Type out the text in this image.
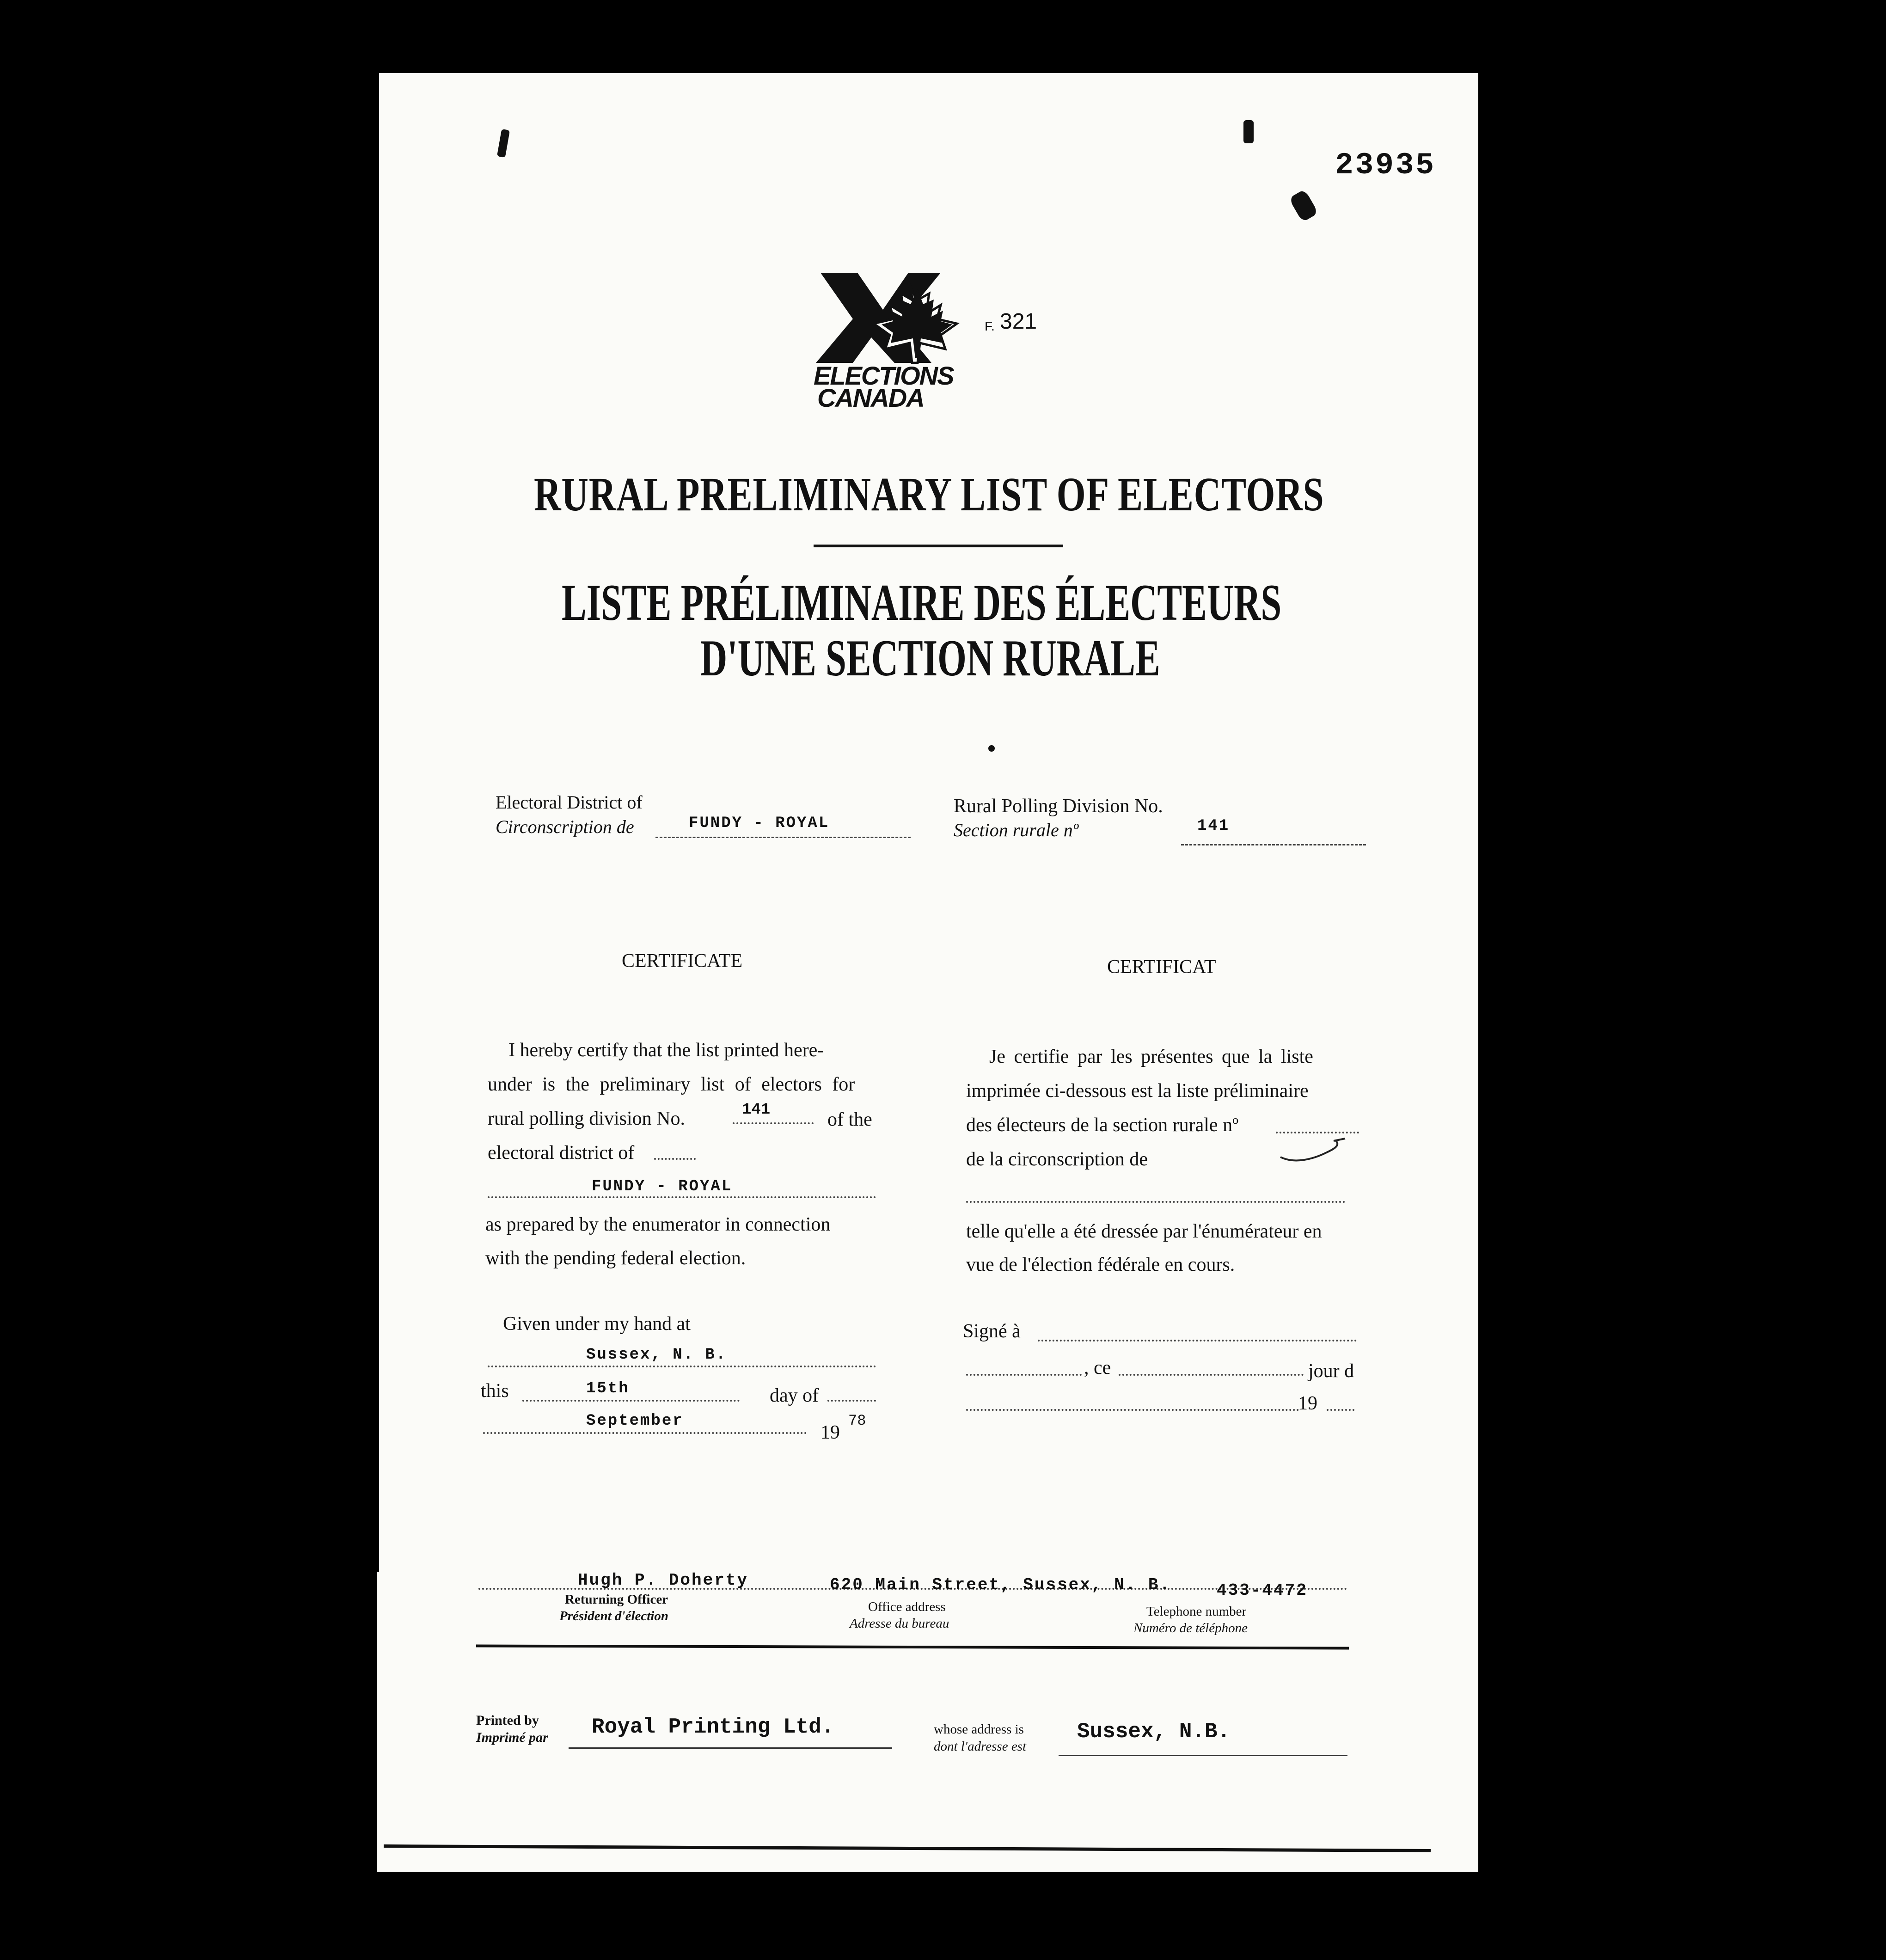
23935
ELECTIONS
CANADA
F. 321
RURAL PRELIMINARY LIST OF ELECTORS
LISTE PRÉLIMINAIRE DES ÉLECTEURS
D'UNE SECTION RURALE
Electoral District of
Circonscription de	FUNDY - ROYAL
Rural Polling Division No.
Section rurale nº	141
CERTIFICATE
I hereby certify that the list printed here-
under is the preliminary list of electors for
rural polling division No.	141	of the
electoral district of
FUNDY - ROYAL
as prepared by the enumerator in connection
with the pending federal election.
Given under my hand at
Sussex, N. B.
this	15th	day of
September
19
78
CERTIFICAT
Je certifie par les présentes que la liste
imprimée ci-dessous est la liste préliminaire
des électeurs de la section rurale nº
de la circonscription de
telle qu'elle a été dressée par l'énumérateur en
vue de l'élection fédérale en cours.
Signé à
, ce	jour d
19
Hugh P. Doherty	620 Main Street, Sussex, N. B.	433-4472
Returning Officer
Président d'élection
Office address
Adresse du bureau
Telephone number
Numéro de téléphone
Printed by
Imprimé par Royal Printing Ltd.	whose address is
dont l'adresse est
Sussex, N.B.
